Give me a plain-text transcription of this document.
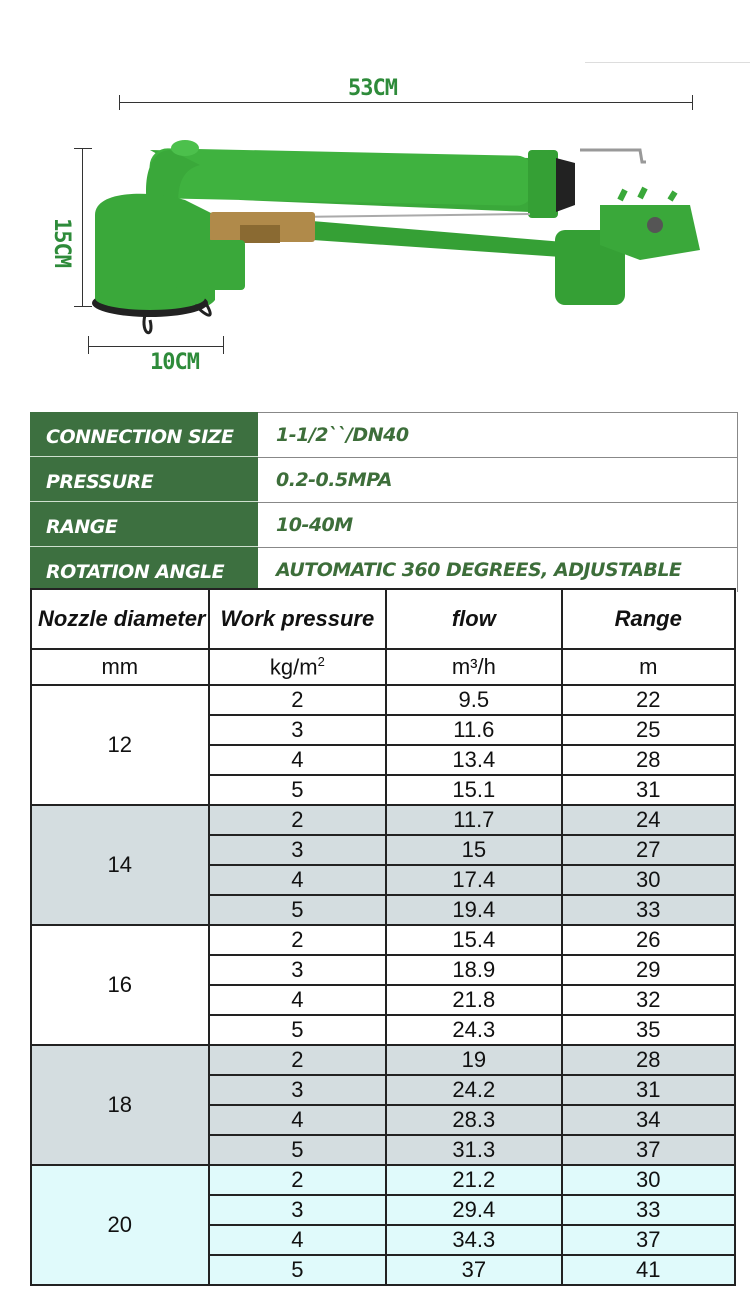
53CM
15CM
10CM
CONNECTION SIZE	1-1/2``/DN40
PRESSURE	0.2-0.5MPA
RANGE	10-40M
ROTATION ANGLE	AUTOMATIC 360 DEGREES, ADJUSTABLE
Nozzle diameter	Work pressure	flow	Range
mm	$kg/m^2$	m³/h	m
12	2	9.5	22
	3	11.6	25
	4	13.4	28
	5	15.1	31
14	2	11.7	24
	3	15	27
	4	17.4	30
	5	19.4	33
16	2	15.4	26
	3	18.9	29
	4	21.8	32
	5	24.3	35
18	2	19	28
	3	24.2	31
	4	28.3	34
	5	31.3	37
20	2	21.2	30
	3	29.4	33
	4	34.3	37
	5	37	41
